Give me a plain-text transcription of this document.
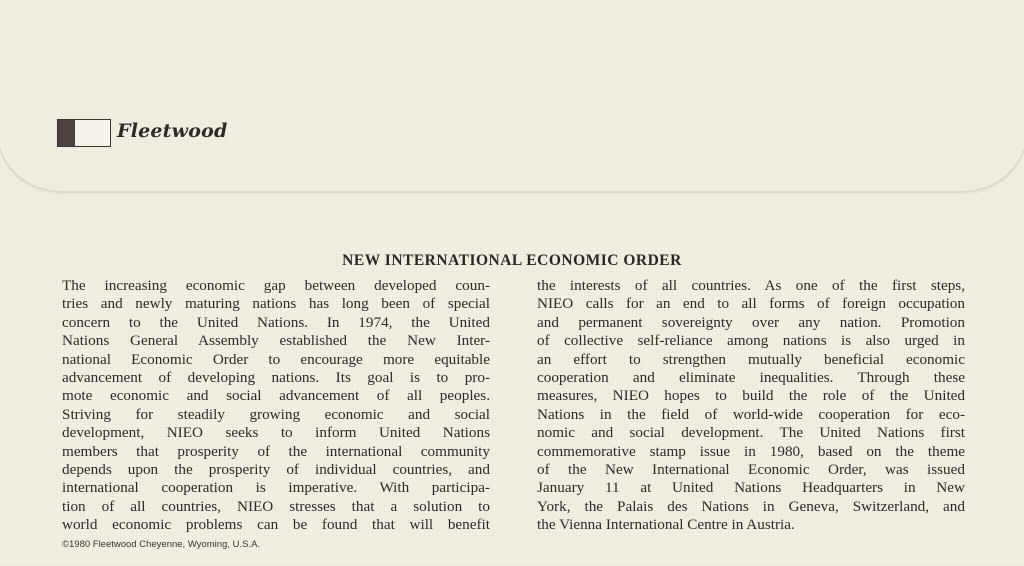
Fleetwood
NEW INTERNATIONAL ECONOMIC ORDER
The increasing economic gap between developed coun-
tries and newly maturing nations has long been of special
concern to the United Nations. In 1974, the United
Nations General Assembly established the New Inter-
national Economic Order to encourage more equitable
advancement of developing nations. Its goal is to pro-
mote economic and social advancement of all peoples.
Striving for steadily growing economic and social
development, NIEO seeks to inform United Nations
members that prosperity of the international community
depends upon the prosperity of individual countries, and
international cooperation is imperative. With participa-
tion of all countries, NIEO stresses that a solution to
world economic problems can be found that will benefit
the interests of all countries. As one of the first steps,
NIEO calls for an end to all forms of foreign occupation
and permanent sovereignty over any nation. Promotion
of collective self-reliance among nations is also urged in
an effort to strengthen mutually beneficial economic
cooperation and eliminate inequalities. Through these
measures, NIEO hopes to build the role of the United
Nations in the field of world-wide cooperation for eco-
nomic and social development. The United Nations first
commemorative stamp issue in 1980, based on the theme
of the New International Economic Order, was issued
January 11 at United Nations Headquarters in New
York, the Palais des Nations in Geneva, Switzerland, and
the Vienna International Centre in Austria.
©1980 Fleetwood Cheyenne, Wyoming, U.S.A.
